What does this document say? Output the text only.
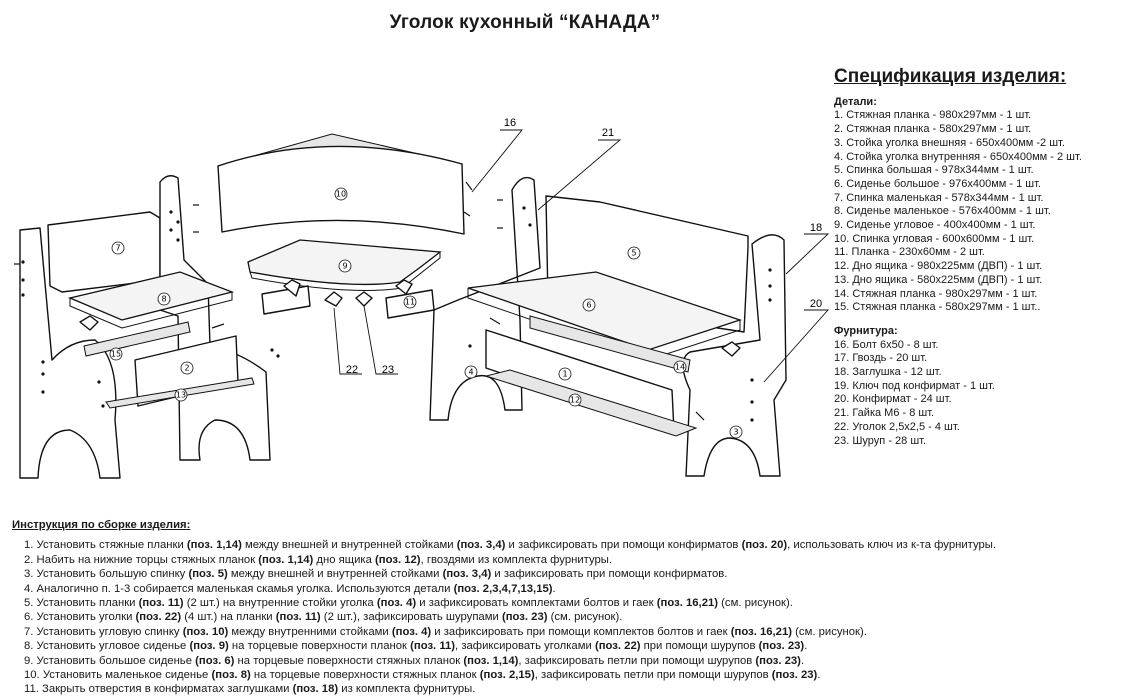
Уголок кухонный “КАНАДА”
1
2
3
4
5
6
7
8
9
10
11
12
13
14
15
16
21
18
20
22 23
Спецификация изделия:
Детали:
1. Стяжная планка - 980х297мм - 1 шт.
2. Стяжная планка - 580х297мм - 1 шт.
3. Стойка уголка внешняя - 650х400мм -2 шт.
4. Стойка уголка внутренняя - 650х400мм - 2 шт.
5. Спинка большая - 978х344мм - 1 шт.
6. Сиденье большое - 976х400мм - 1 шт.
7. Спинка маленькая - 578х344мм - 1 шт.
8. Сиденье маленькое - 576х400мм - 1 шт.
9. Сиденье угловое - 400х400мм - 1 шт.
10. Спинка угловая - 600х600мм - 1 шт.
11. Планка - 230х60мм - 2 шт.
12. Дно ящика - 980х225мм (ДВП) - 1 шт.
13. Дно ящика - 580х225мм (ДВП) - 1 шт.
14. Стяжная планка - 980х297мм - 1 шт.
15. Стяжная планка - 580х297мм - 1 шт..
Фурнитура:
16. Болт 6х50 - 8 шт.
17. Гвоздь - 20 шт.
18. Заглушка - 12 шт.
19. Ключ под конфирмат - 1 шт.
20. Конфирмат - 24 шт.
21. Гайка М6 - 8 шт.
22. Уголок 2,5х2,5 - 4 шт.
23. Шуруп - 28 шт.
Инструкция по сборке изделия:
1. Установить стяжные планки (поз. 1,14) между внешней и внутренней стойками (поз. 3,4) и зафиксировать при помощи конфирматов (поз. 20), использовать ключ из к-та фурнитуры.
2. Набить на нижние торцы стяжных планок (поз. 1,14) дно ящика (поз. 12), гвоздями из комплекта фурнитуры.
3. Установить большую спинку (поз. 5) между внешней и внутренней стойками (поз. 3,4) и зафиксировать при помощи конфирматов.
4. Аналогично п. 1-3 собирается маленькая скамья уголка. Используются детали (поз. 2,3,4,7,13,15).
5. Установить планки (поз. 11) (2 шт.) на внутренние стойки уголка (поз. 4) и зафиксировать комплектами болтов и гаек (поз. 16,21) (см. рисунок).
6. Установить уголки (поз. 22) (4 шт.) на планки (поз. 11) (2 шт.), зафиксировать шурупами (поз. 23) (см. рисунок).
7. Установить угловую спинку (поз. 10) между внутренними стойками (поз. 4) и зафиксировать при помощи комплектов болтов и гаек (поз. 16,21) (см. рисунок).
8. Установить угловое сиденье (поз. 9) на торцевые поверхности планок (поз. 11), зафиксировать уголками (поз. 22) при помощи шурупов (поз. 23).
9. Установить большое сиденье (поз. 6) на торцевые поверхности стяжных планок (поз. 1,14), зафиксировать петли при помощи шурупов (поз. 23).
10. Установить маленькое сиденье (поз. 8) на торцевые поверхности стяжных планок (поз. 2,15), зафиксировать петли при помощи шурупов (поз. 23).
11. Закрыть отверстия в конфирматах заглушками (поз. 18) из комплекта фурнитуры.
